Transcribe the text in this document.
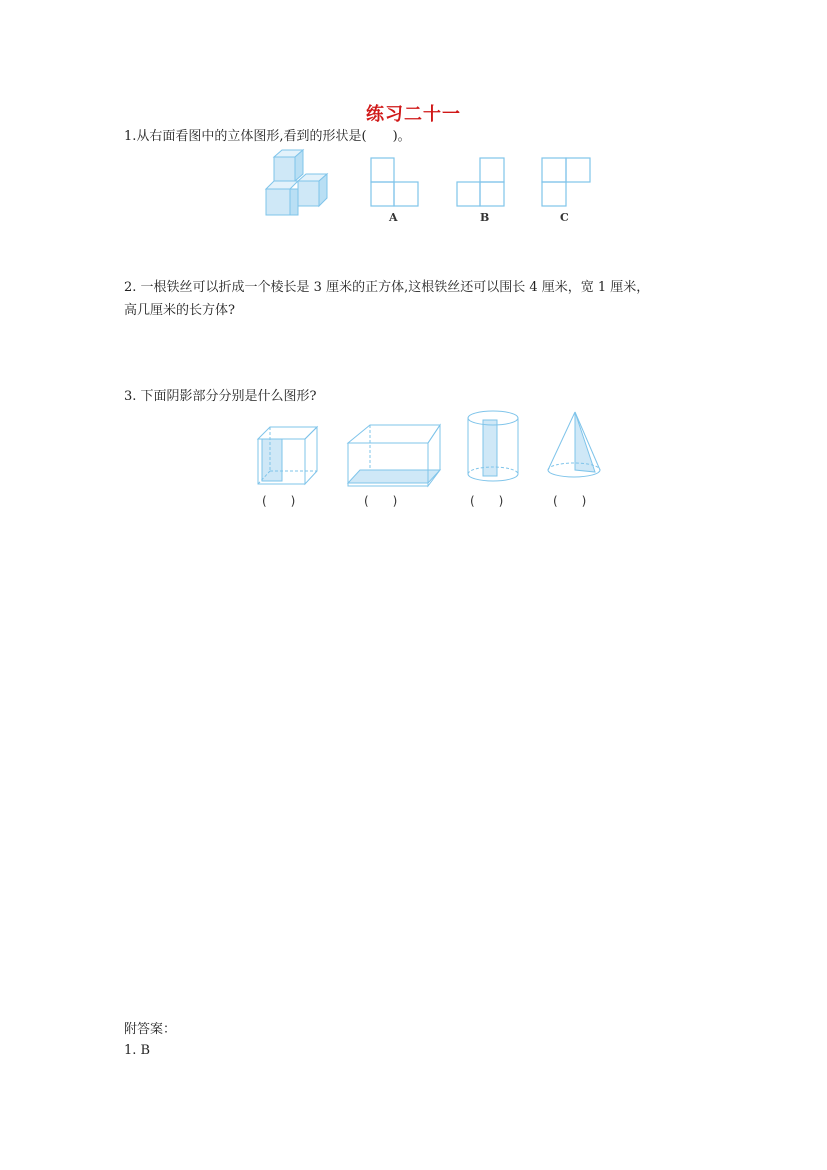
练习二十一
1.从右面看图中的立体图形,看到的形状是(　　)。
2. 一根铁丝可以折成一个棱长是 3 厘米的正方体,这根铁丝还可以围长 4 厘米，宽 1 厘米，
高几厘米的长方体?
3. 下面阴影部分分别是什么图形?
附答案：
1. B
A	B	C
(　　)	(　　)	(　　)	(　　)
